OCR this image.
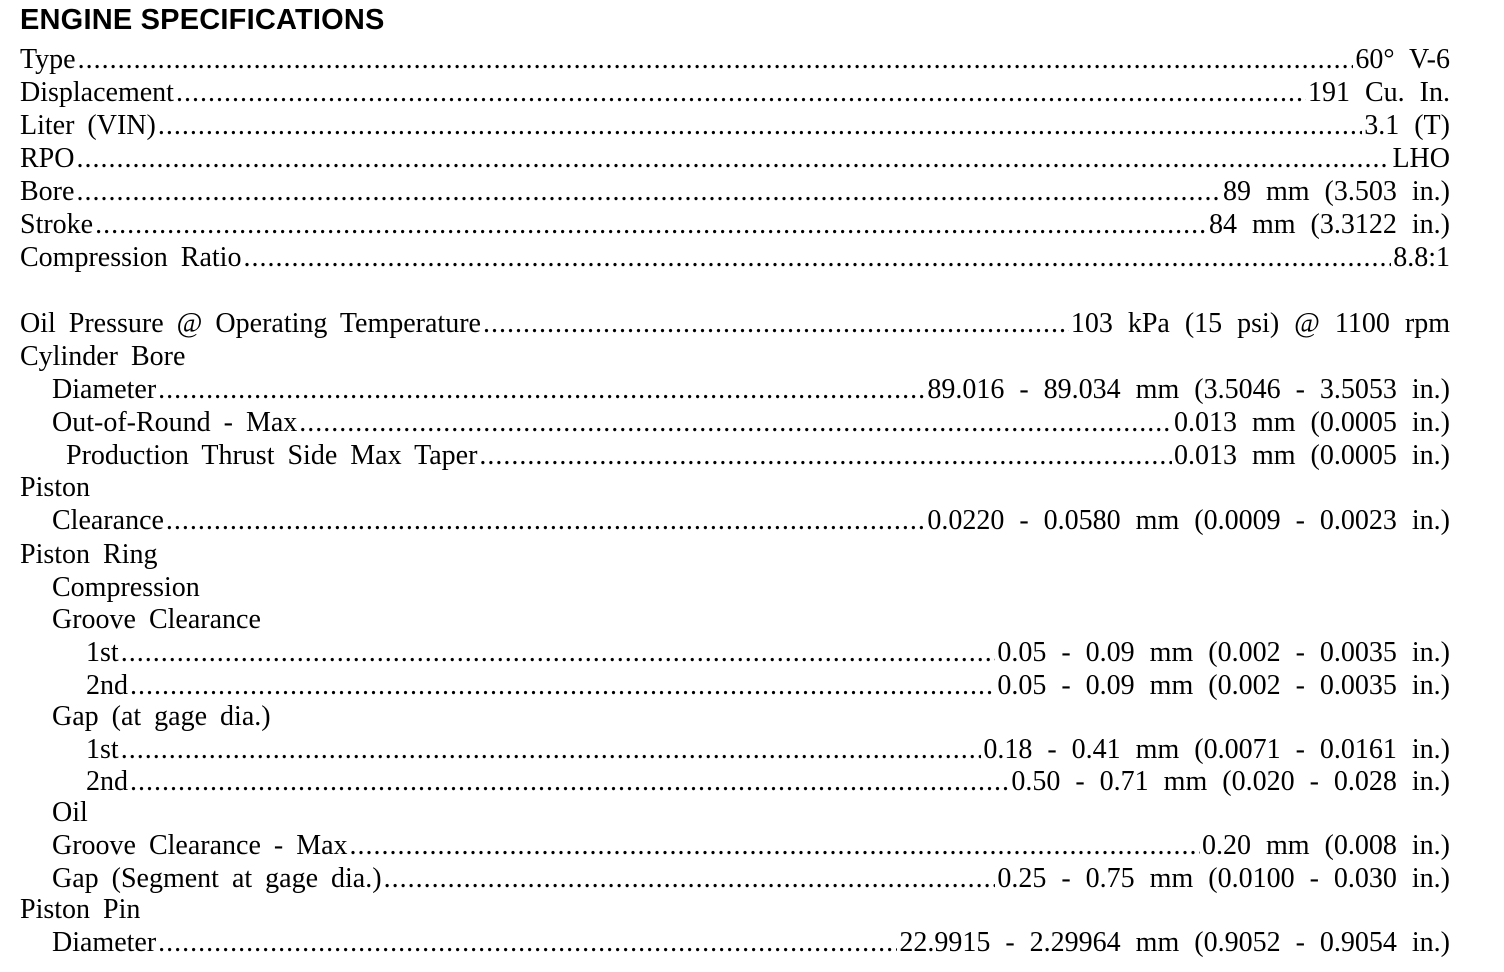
ENGINE SPECIFICATIONS
Type .....	60° V-6
Displacement .....	191 Cu. In.
Liter (VIN) .....	3.1 (T)
RPO .....	LHO
Bore .....	89 mm (3.503 in.)
Stroke .....	84 mm (3.3122 in.)
Compression Ratio .....	8.8:1
Oil Pressure @ Operating Temperature .....	103 kPa (15 psi) @ 1100 rpm
Cylinder Bore
Diameter .....	89.016 - 89.034 mm (3.5046 - 3.5053 in.)
Out-of-Round - Max .....	0.013 mm (0.0005 in.)
Production Thrust Side Max Taper .....	0.013 mm (0.0005 in.)
Piston
Clearance .....	0.0220 - 0.0580 mm (0.0009 - 0.0023 in.)
Piston Ring
Compression
Groove Clearance
1st .....	0.05 - 0.09 mm (0.002 - 0.0035 in.)
2nd .....	0.05 - 0.09 mm (0.002 - 0.0035 in.)
Gap (at gage dia.)
1st .....	0.18 - 0.41 mm (0.0071 - 0.0161 in.)
2nd .....	0.50 - 0.71 mm (0.020 - 0.028 in.)
Oil
Groove Clearance - Max .....	0.20 mm (0.008 in.)
Gap (Segment at gage dia.) .....	0.25 - 0.75 mm (0.0100 - 0.030 in.)
Piston Pin
Diameter .....	22.9915 - 2.29964 mm (0.9052 - 0.9054 in.)
